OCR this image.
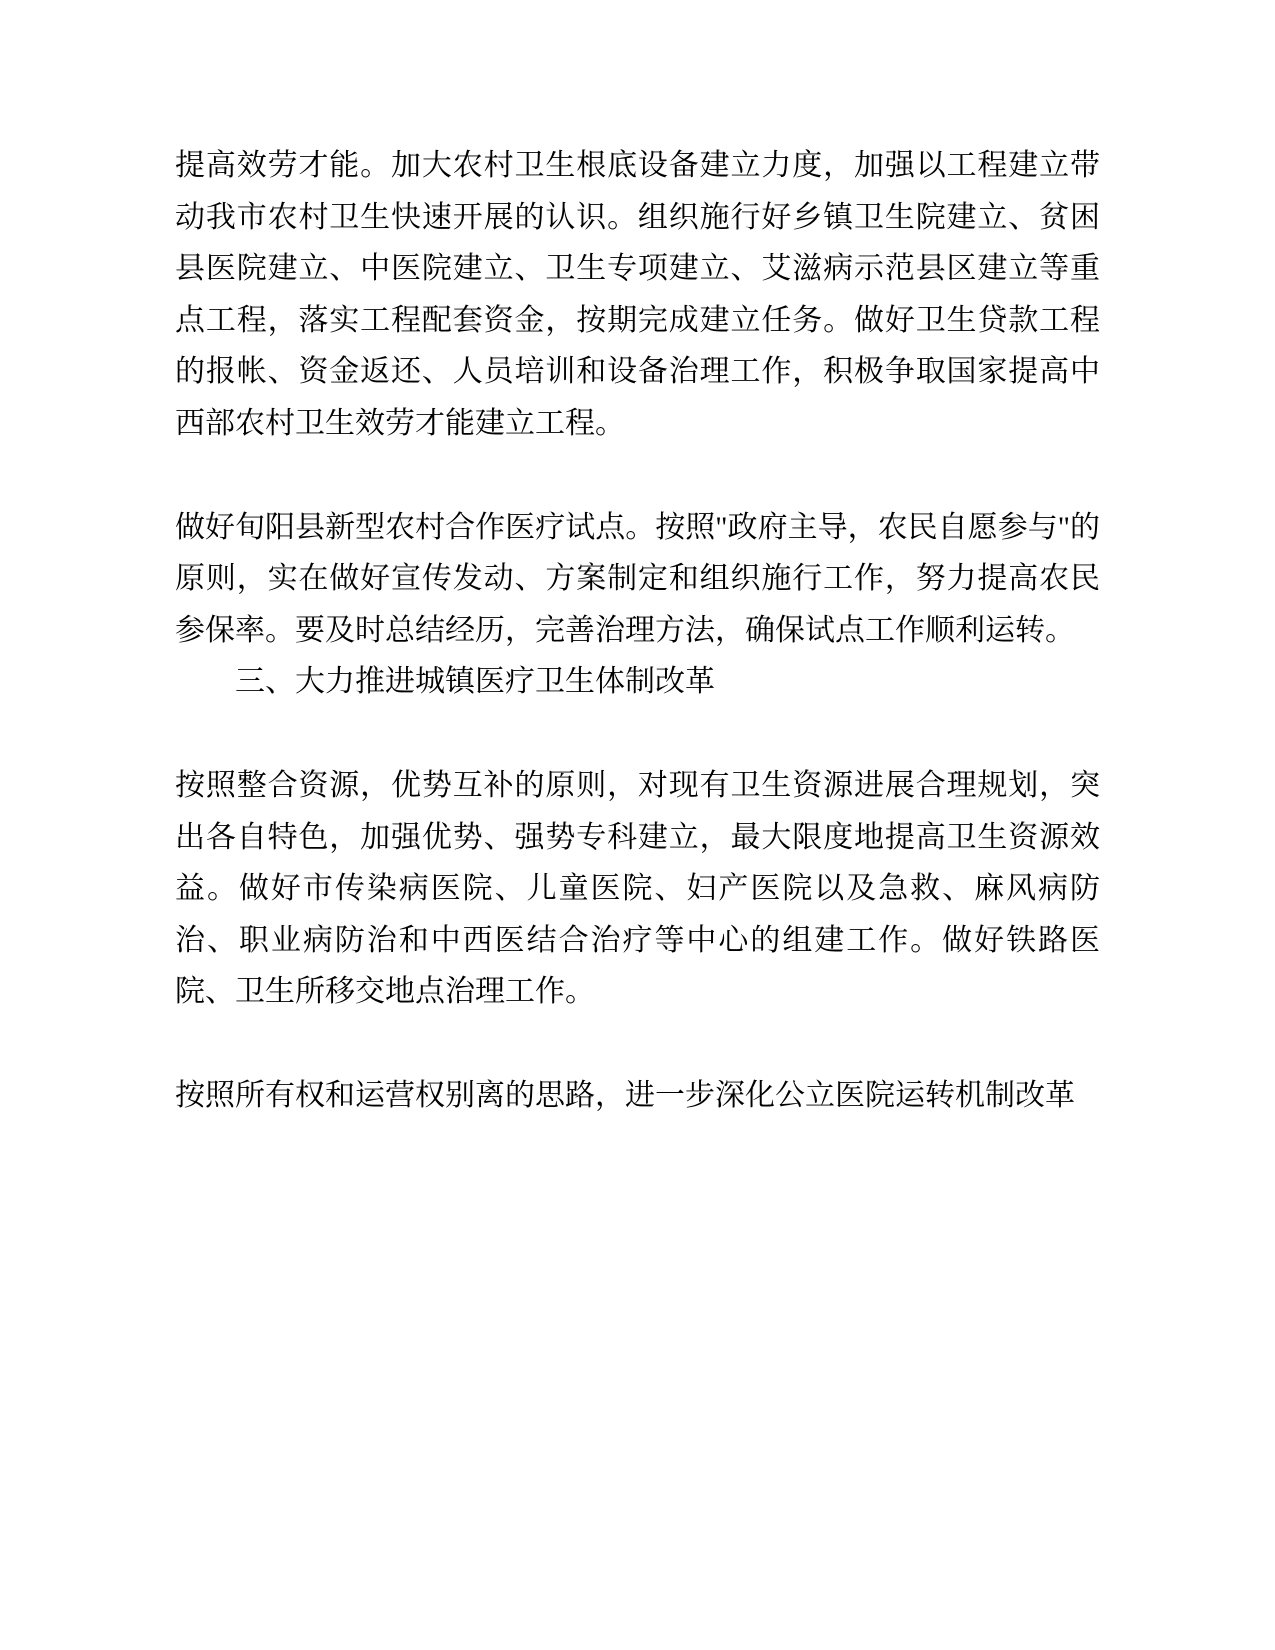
提高效劳才能。加大农村卫生根底设备建立力度，加强以工程建立带动我市农村卫生快速开展的认识。组织施行好乡镇卫生院建立、贫困县医院建立、中医院建立、卫生专项建立、艾滋病示范县区建立等重点工程，落实工程配套资金，按期完成建立任务。做好卫生贷款工程的报帐、资金返还、人员培训和设备治理工作，积极争取国家提高中西部农村卫生效劳才能建立工程。

做好旬阳县新型农村合作医疗试点。按照"政府主导，农民自愿参与"的原则，实在做好宣传发动、方案制定和组织施行工作，努力提高农民参保率。要及时总结经历，完善治理方法，确保试点工作顺利运转。

三、大力推进城镇医疗卫生体制改革

按照整合资源，优势互补的原则，对现有卫生资源进展合理规划，突出各自特色，加强优势、强势专科建立，最大限度地提高卫生资源效益。做好市传染病医院、儿童医院、妇产医院以及急救、麻风病防治、职业病防治和中西医结合治疗等中心的组建工作。做好铁路医院、卫生所移交地点治理工作。

按照所有权和运营权别离的思路，进一步深化公立医院运转机制改革
